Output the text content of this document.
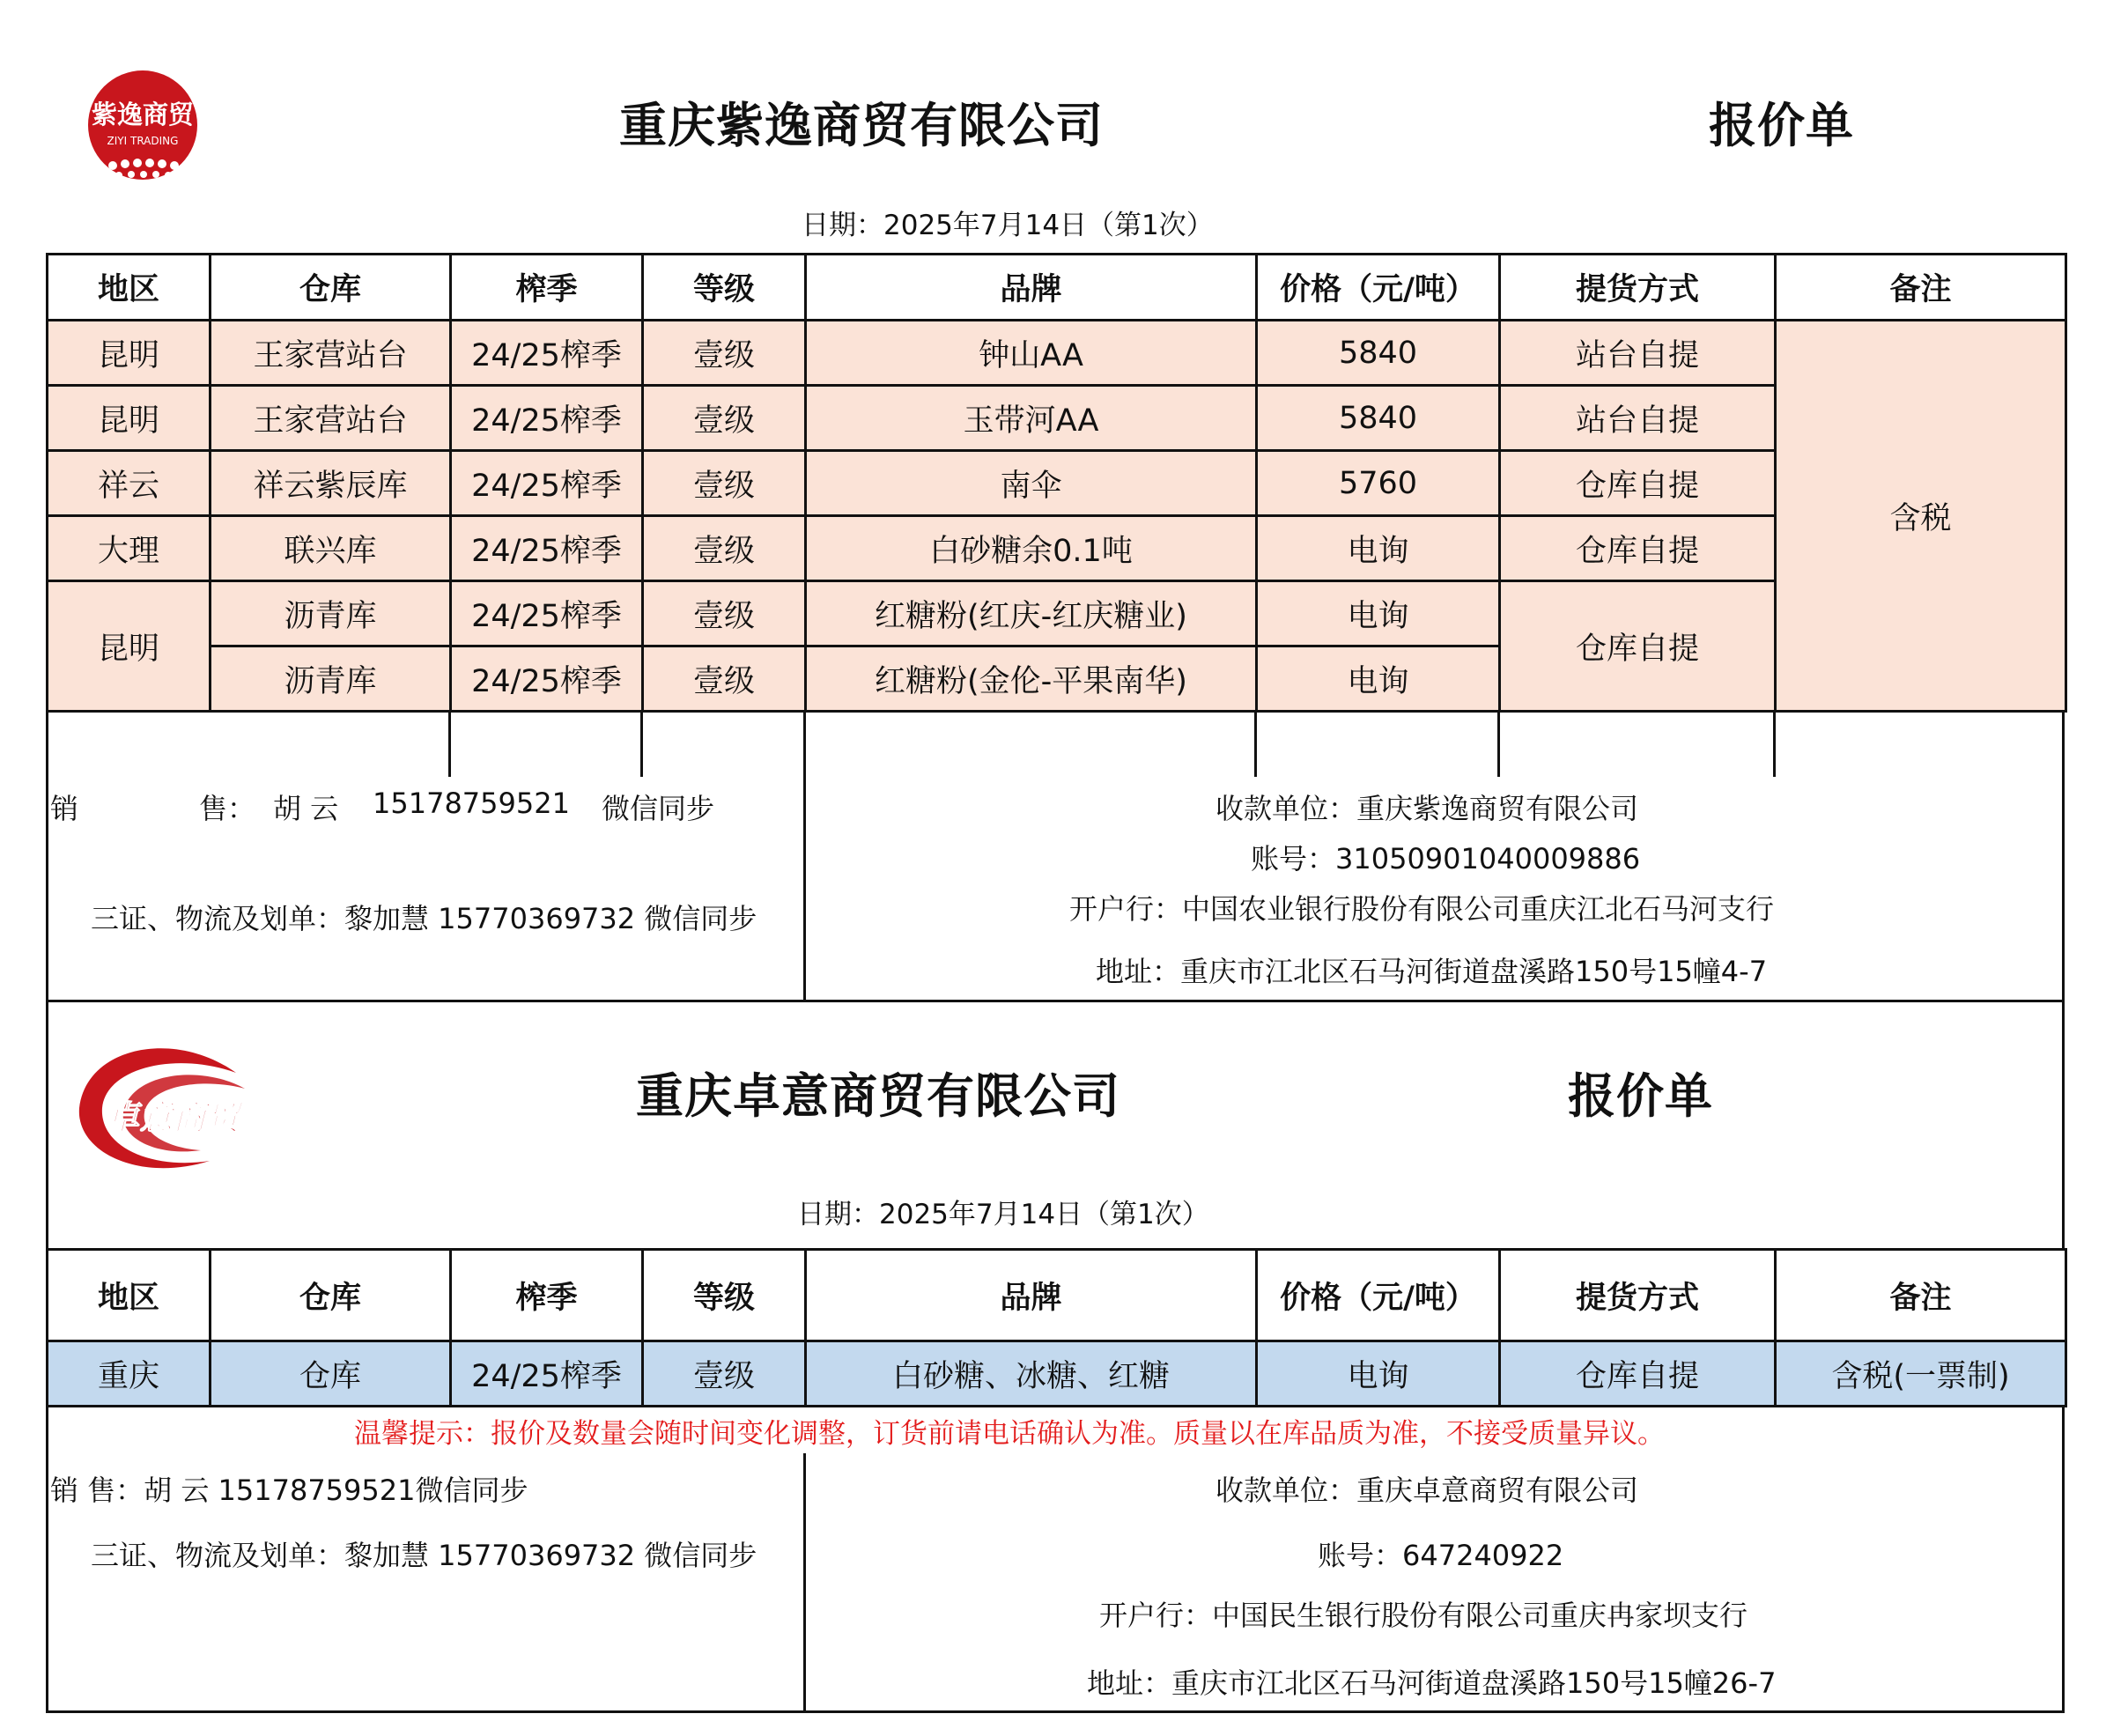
紫逸商贸
ZIYI TRADING	重庆紫逸商贸有限公司	报价单
日期：2025年7月14日（第1次）
地区	仓库	榨季	等级	品牌	价格（元/吨）	提货方式	备注
昆明	王家营站台	24/25榨季	壹级	钟山AA	5840	站台自提	含税
昆明	王家营站台	24/25榨季	壹级	玉带河AA	5840	站台自提	
祥云	祥云紫辰库	24/25榨季	壹级	南伞	5760	仓库自提	
大理	联兴库	24/25榨季	壹级	白砂糖余0.1吨	电询	仓库自提	
昆明	沥青库	24/25榨季	壹级	红糖粉(红庆-红庆糖业)	电询	仓库自提	
	沥青库	24/25榨季	壹级	红糖粉(金伦-平果南华)	电询		
销	售： 胡 云 15178759521 微信同步
三证、物流及划单：黎加慧 15770369732 微信同步
收款单位：重庆紫逸商贸有限公司
账号：31050901040009886
开户行：中国农业银行股份有限公司重庆江北石马河支行
地址：重庆市江北区石马河街道盘溪路150号15幢4-7
卓意商贸	重庆卓意商贸有限公司	报价单
日期：2025年7月14日（第1次）
地区	仓库	榨季	等级	品牌	价格（元/吨）	提货方式	备注
重庆	仓库	24/25榨季	壹级	白砂糖、冰糖、红糖	电询	仓库自提	含税(一票制)
温馨提示：报价及数量会随时间变化调整，订货前请电话确认为准。质量以在库品质为准，不接受质量异议。
销 售：胡 云 15178759521微信同步
三证、物流及划单：黎加慧 15770369732 微信同步
收款单位：重庆卓意商贸有限公司
账号：647240922
开户行：中国民生银行股份有限公司重庆冉家坝支行
地址：重庆市江北区石马河街道盘溪路150号15幢26-7
